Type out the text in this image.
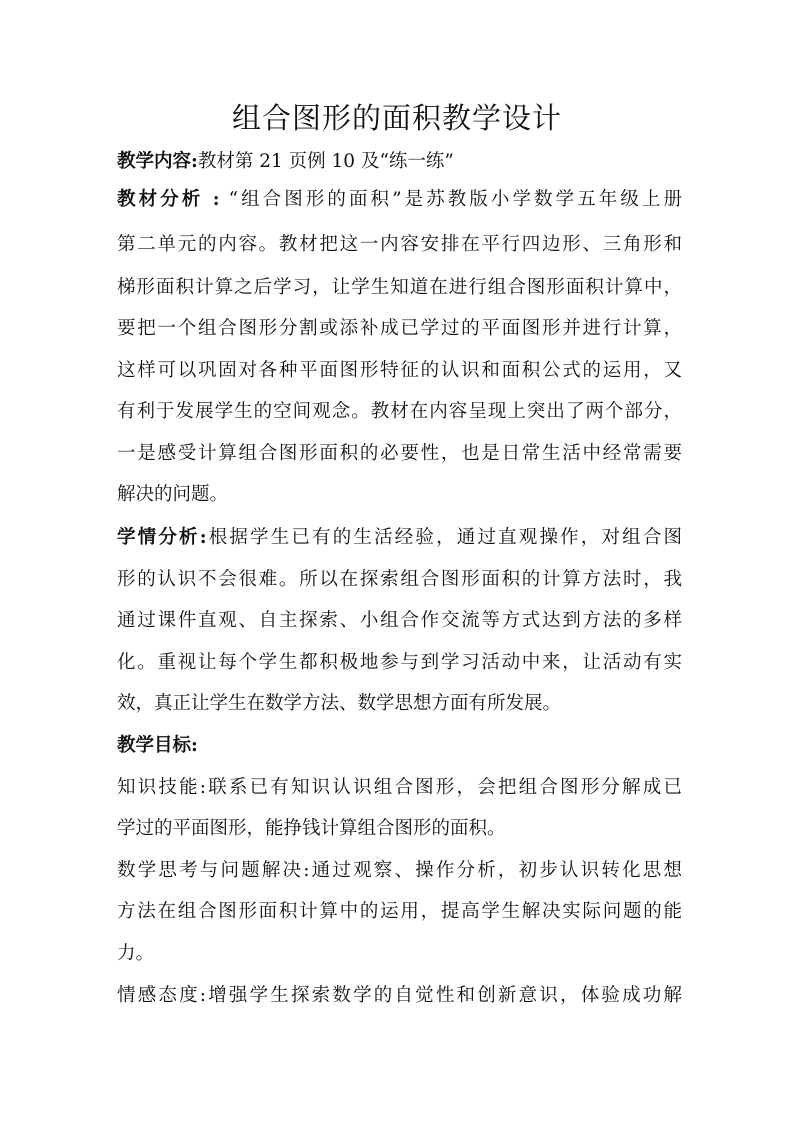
组合图形的面积教学设计
教学内容:教材第 21 页例 10 及“练一练”
教材分析 : “组合图形的面积”是苏教版小学数学五年级上册
第二单元的内容。教材把这一内容安排在平行四边形、三角形和
梯形面积计算之后学习，让学生知道在进行组合图形面积计算中，
要把一个组合图形分割或添补成已学过的平面图形并进行计算，
这样可以巩固对各种平面图形特征的认识和面积公式的运用，又
有利于发展学生的空间观念。教材在内容呈现上突出了两个部分，
一是感受计算组合图形面积的必要性，也是日常生活中经常需要
解决的问题。
学情分析:根据学生已有的生活经验，通过直观操作，对组合图
形的认识不会很难。所以在探索组合图形面积的计算方法时，我
通过课件直观、自主探索、小组合作交流等方式达到方法的多样
化。重视让每个学生都积极地参与到学习活动中来，让活动有实
效，真正让学生在数学方法、数学思想方面有所发展。
教学目标:
知识技能:联系已有知识认识组合图形，会把组合图形分解成已
学过的平面图形，能挣钱计算组合图形的面积。
数学思考与问题解决:通过观察、操作分析，初步认识转化思想
方法在组合图形面积计算中的运用，提高学生解决实际问题的能
力。
情感态度:增强学生探索数学的自觉性和创新意识，体验成功解
